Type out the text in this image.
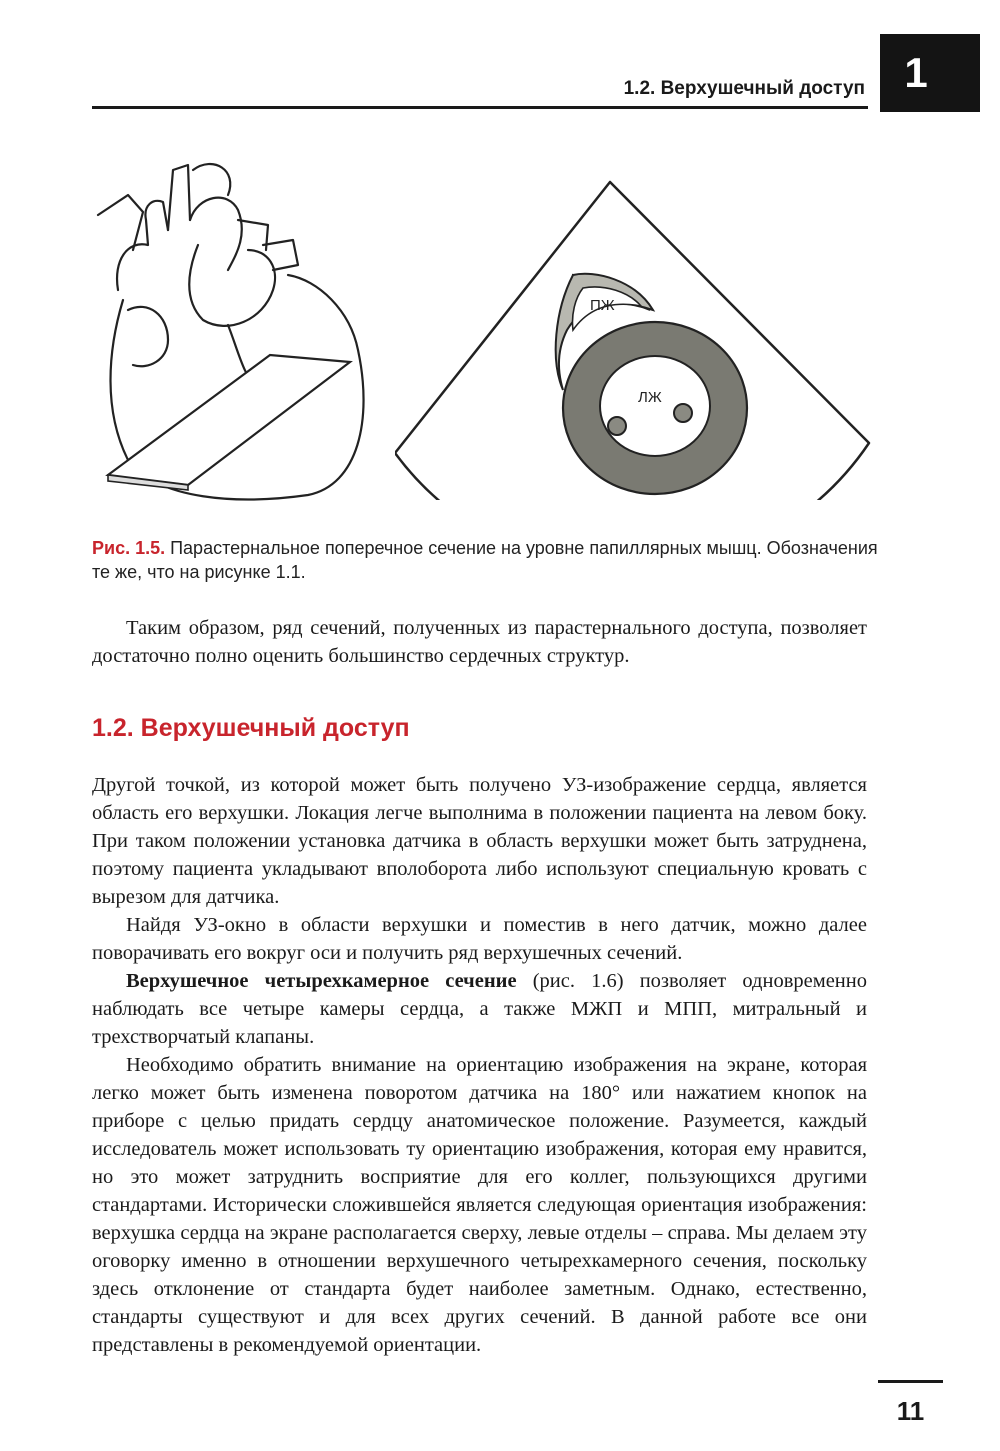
1.2. Верхушечный доступ 1
ПЖ
ЛЖ
Рис. 1.5. Парастернальное поперечное сечение на уровне папиллярных мышц. Обозначения те же, что на рисунке 1.1.

Таким образом, ряд сечений, полученных из парастернального доступа, позволяет достаточно полно оценить большинство сердечных структур.

1.2. Верхушечный доступ

Другой точкой, из которой может быть получено УЗ-изображение сердца, является область его верхушки. Локация легче выполнима в положении пациента на левом боку. При таком положении установка датчика в область верхушки может быть затруднена, поэтому пациента укладывают вполоборота либо используют специальную кровать с вырезом для датчика.

Найдя УЗ-окно в области верхушки и поместив в него датчик, можно далее поворачивать его вокруг оси и получить ряд верхушечных сечений.

Верхушечное четырехкамерное сечение (рис. 1.6) позволяет одновременно наблюдать все четыре камеры сердца, а также МЖП и МПП, митральный и трехстворчатый клапаны.

Необходимо обратить внимание на ориентацию изображения на экране, которая легко может быть изменена поворотом датчика на 180° или нажатием кнопок на приборе с целью придать сердцу анатомическое положение. Разумеется, каждый исследователь может использовать ту ориентацию изображения, которая ему нравится, но это может затруднить восприятие для его коллег, пользующихся другими стандартами. Исторически сложившейся является следующая ориентация изображения: верхушка сердца на экране располагается сверху, левые отделы – справа. Мы делаем эту оговорку именно в отношении верхушечного четырехкамерного сечения, поскольку здесь отклонение от стандарта будет наиболее заметным. Однако, естественно, стандарты существуют и для всех других сечений. В данной работе все они представлены в рекомендуемой ориентации.

11
